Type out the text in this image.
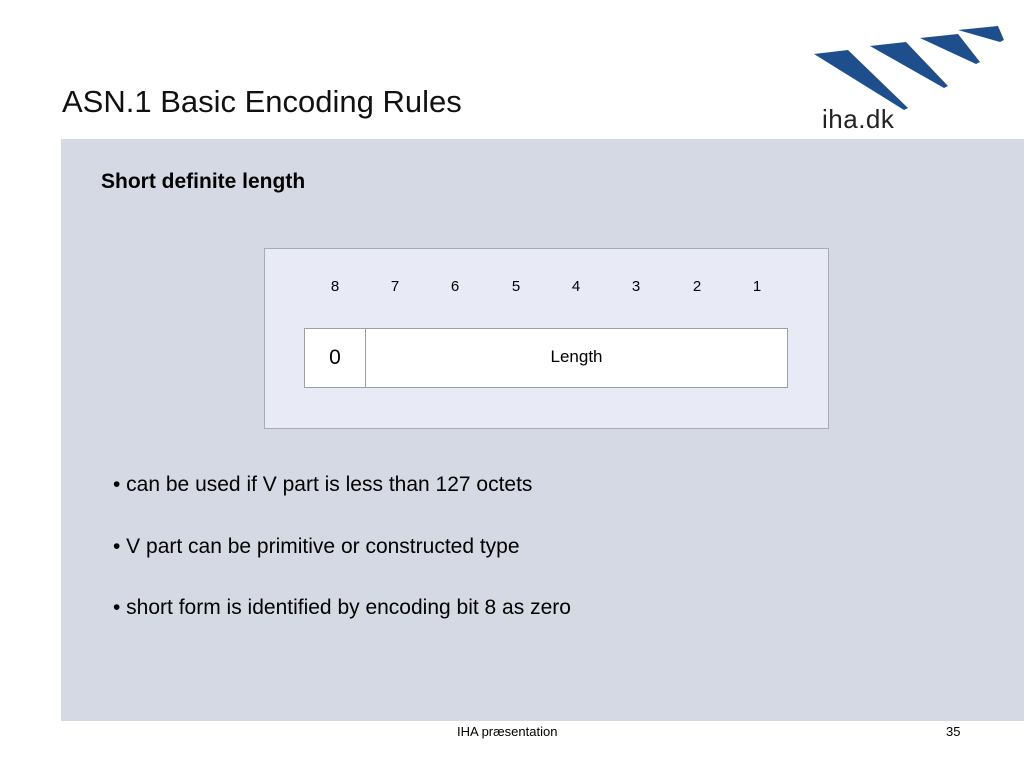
ASN.1 Basic Encoding Rules	iha.dk
Short definite length
8	7	6	5	4	3	2	1
0	Length
• can be used if V part is less than 127 octets
• V part can be primitive or constructed type
• short form is identified by encoding bit 8 as zero
IHA præsentation	35
